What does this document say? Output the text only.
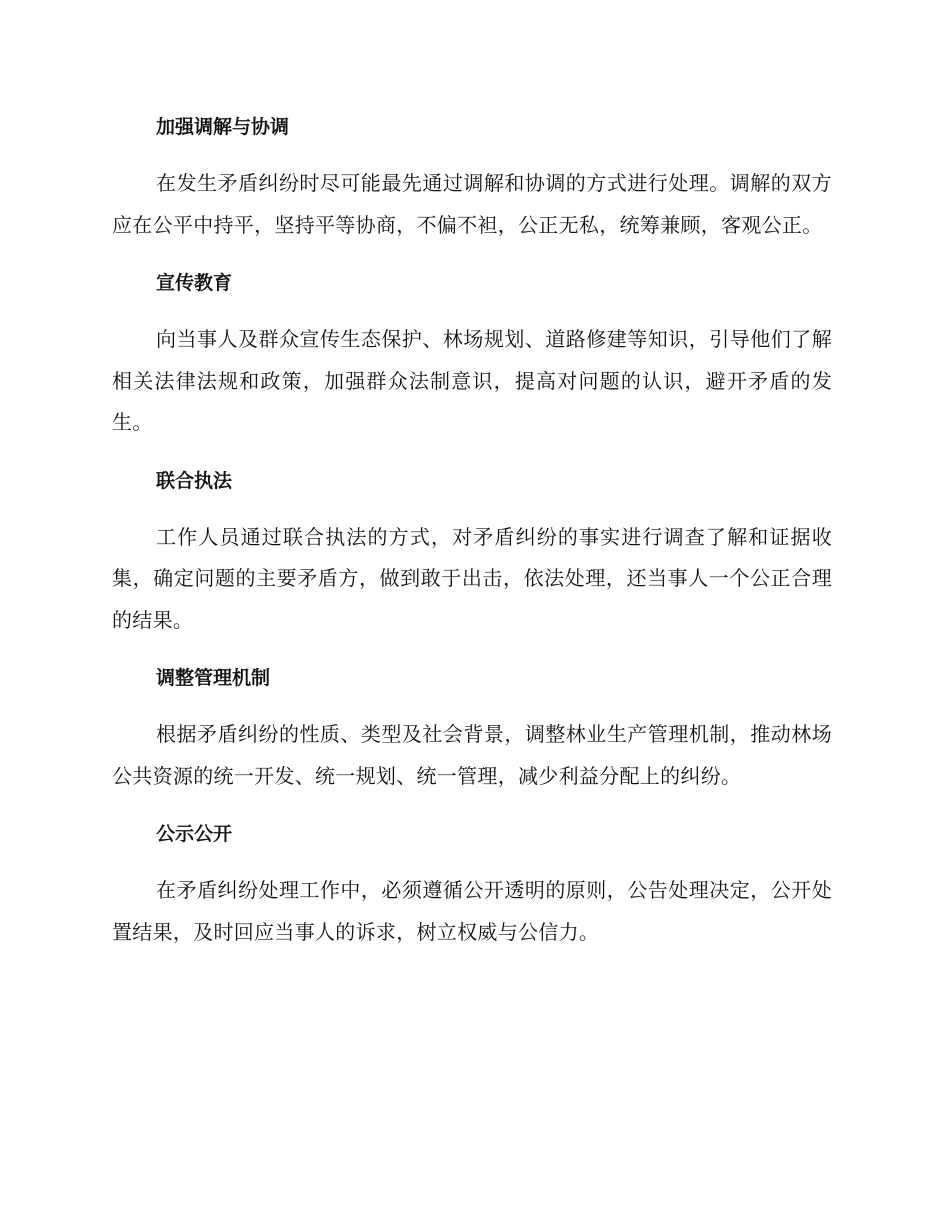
加强调解与协调

在发生矛盾纠纷时尽可能最先通过调解和协调的方式进行处理。调解的双方应在公平中持平，坚持平等协商，不偏不袒，公正无私，统筹兼顾，客观公正。

宣传教育

向当事人及群众宣传生态保护、林场规划、道路修建等知识，引导他们了解相关法律法规和政策，加强群众法制意识，提高对问题的认识，避开矛盾的发生。

联合执法

工作人员通过联合执法的方式，对矛盾纠纷的事实进行调查了解和证据收集，确定问题的主要矛盾方，做到敢于出击，依法处理，还当事人一个公正合理的结果。

调整管理机制

根据矛盾纠纷的性质、类型及社会背景，调整林业生产管理机制，推动林场公共资源的统一开发、统一规划、统一管理，减少利益分配上的纠纷。

公示公开

在矛盾纠纷处理工作中，必须遵循公开透明的原则，公告处理决定，公开处置结果，及时回应当事人的诉求，树立权威与公信力。
